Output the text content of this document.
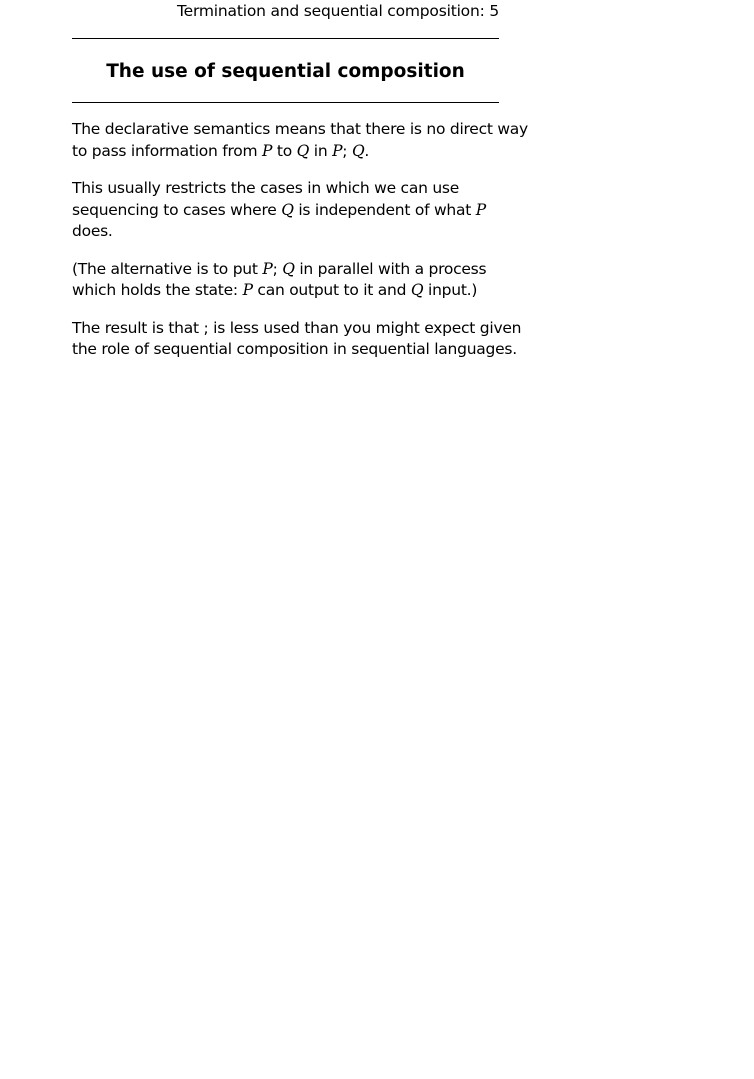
Termination and sequential composition: 5
The use of sequential composition

The declarative semantics means that there is no direct way
to pass information from P to Q in P; Q.

This usually restricts the cases in which we can use
sequencing to cases where Q is independent of what P
does.

(The alternative is to put P; Q in parallel with a process
which holds the state: P can output to it and Q input.)

The result is that ; is less used than you might expect given
the role of sequential composition in sequential languages.
